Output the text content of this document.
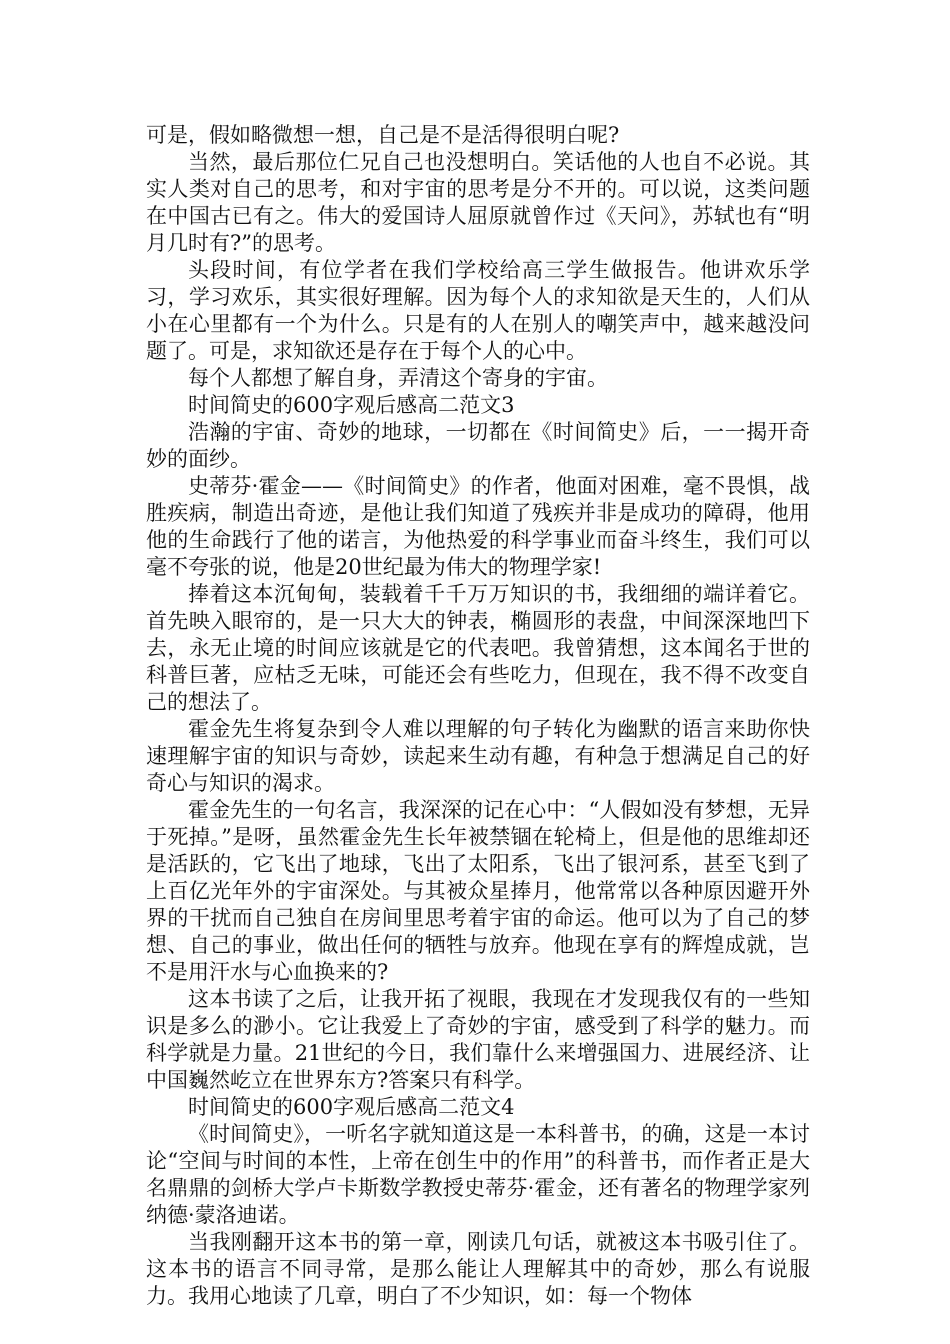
可是，假如略微想一想，自己是不是活得很明白呢?

当然，最后那位仁兄自己也没想明白。笑话他的人也自不必说。其实人类对自己的思考，和对宇宙的思考是分不开的。可以说，这类问题在中国古已有之。伟大的爱国诗人屈原就曾作过《天问》，苏轼也有“明月几时有?”的思考。

头段时间，有位学者在我们学校给高三学生做报告。他讲欢乐学习，学习欢乐，其实很好理解。因为每个人的求知欲是天生的，人们从小在心里都有一个为什么。只是有的人在别人的嘲笑声中，越来越没问题了。可是，求知欲还是存在于每个人的心中。

每个人都想了解自身，弄清这个寄身的宇宙。

时间简史的600字观后感高二范文3

浩瀚的宇宙、奇妙的地球，一切都在《时间简史》后，一一揭开奇妙的面纱。

史蒂芬·霍金——《时间简史》的作者，他面对困难，毫不畏惧，战胜疾病，制造出奇迹，是他让我们知道了残疾并非是成功的障碍，他用他的生命践行了他的诺言，为他热爱的科学事业而奋斗终生，我们可以毫不夸张的说，他是20世纪最为伟大的物理学家!

捧着这本沉甸甸，装载着千千万万知识的书，我细细的端详着它。首先映入眼帘的，是一只大大的钟表，椭圆形的表盘，中间深深地凹下去，永无止境的时间应该就是它的代表吧。我曾猜想，这本闻名于世的科普巨著，应枯乏无味，可能还会有些吃力，但现在，我不得不改变自己的想法了。

霍金先生将复杂到令人难以理解的句子转化为幽默的语言来助你快速理解宇宙的知识与奇妙，读起来生动有趣，有种急于想满足自己的好奇心与知识的渴求。

霍金先生的一句名言，我深深的记在心中：“人假如没有梦想，无异于死掉。”是呀，虽然霍金先生长年被禁锢在轮椅上，但是他的思维却还是活跃的，它飞出了地球，飞出了太阳系，飞出了银河系，甚至飞到了上百亿光年外的宇宙深处。与其被众星捧月，他常常以各种原因避开外界的干扰而自己独自在房间里思考着宇宙的命运。他可以为了自己的梦想、自己的事业，做出任何的牺牲与放弃。他现在享有的辉煌成就，岂不是用汗水与心血换来的?

这本书读了之后，让我开拓了视眼，我现在才发现我仅有的一些知识是多么的渺小。它让我爱上了奇妙的宇宙，感受到了科学的魅力。而科学就是力量。21世纪的今日，我们靠什么来增强国力、进展经济、让中国巍然屹立在世界东方?答案只有科学。

时间简史的600字观后感高二范文4

《时间简史》，一听名字就知道这是一本科普书，的确，这是一本讨论“空间与时间的本性，上帝在创生中的作用”的科普书，而作者正是大名鼎鼎的剑桥大学卢卡斯数学教授史蒂芬·霍金，还有著名的物理学家列纳德·蒙洛迪诺。

当我刚翻开这本书的第一章，刚读几句话，就被这本书吸引住了。这本书的语言不同寻常，是那么能让人理解其中的奇妙，那么有说服力。我用心地读了几章，明白了不少知识，如：每一个物体
